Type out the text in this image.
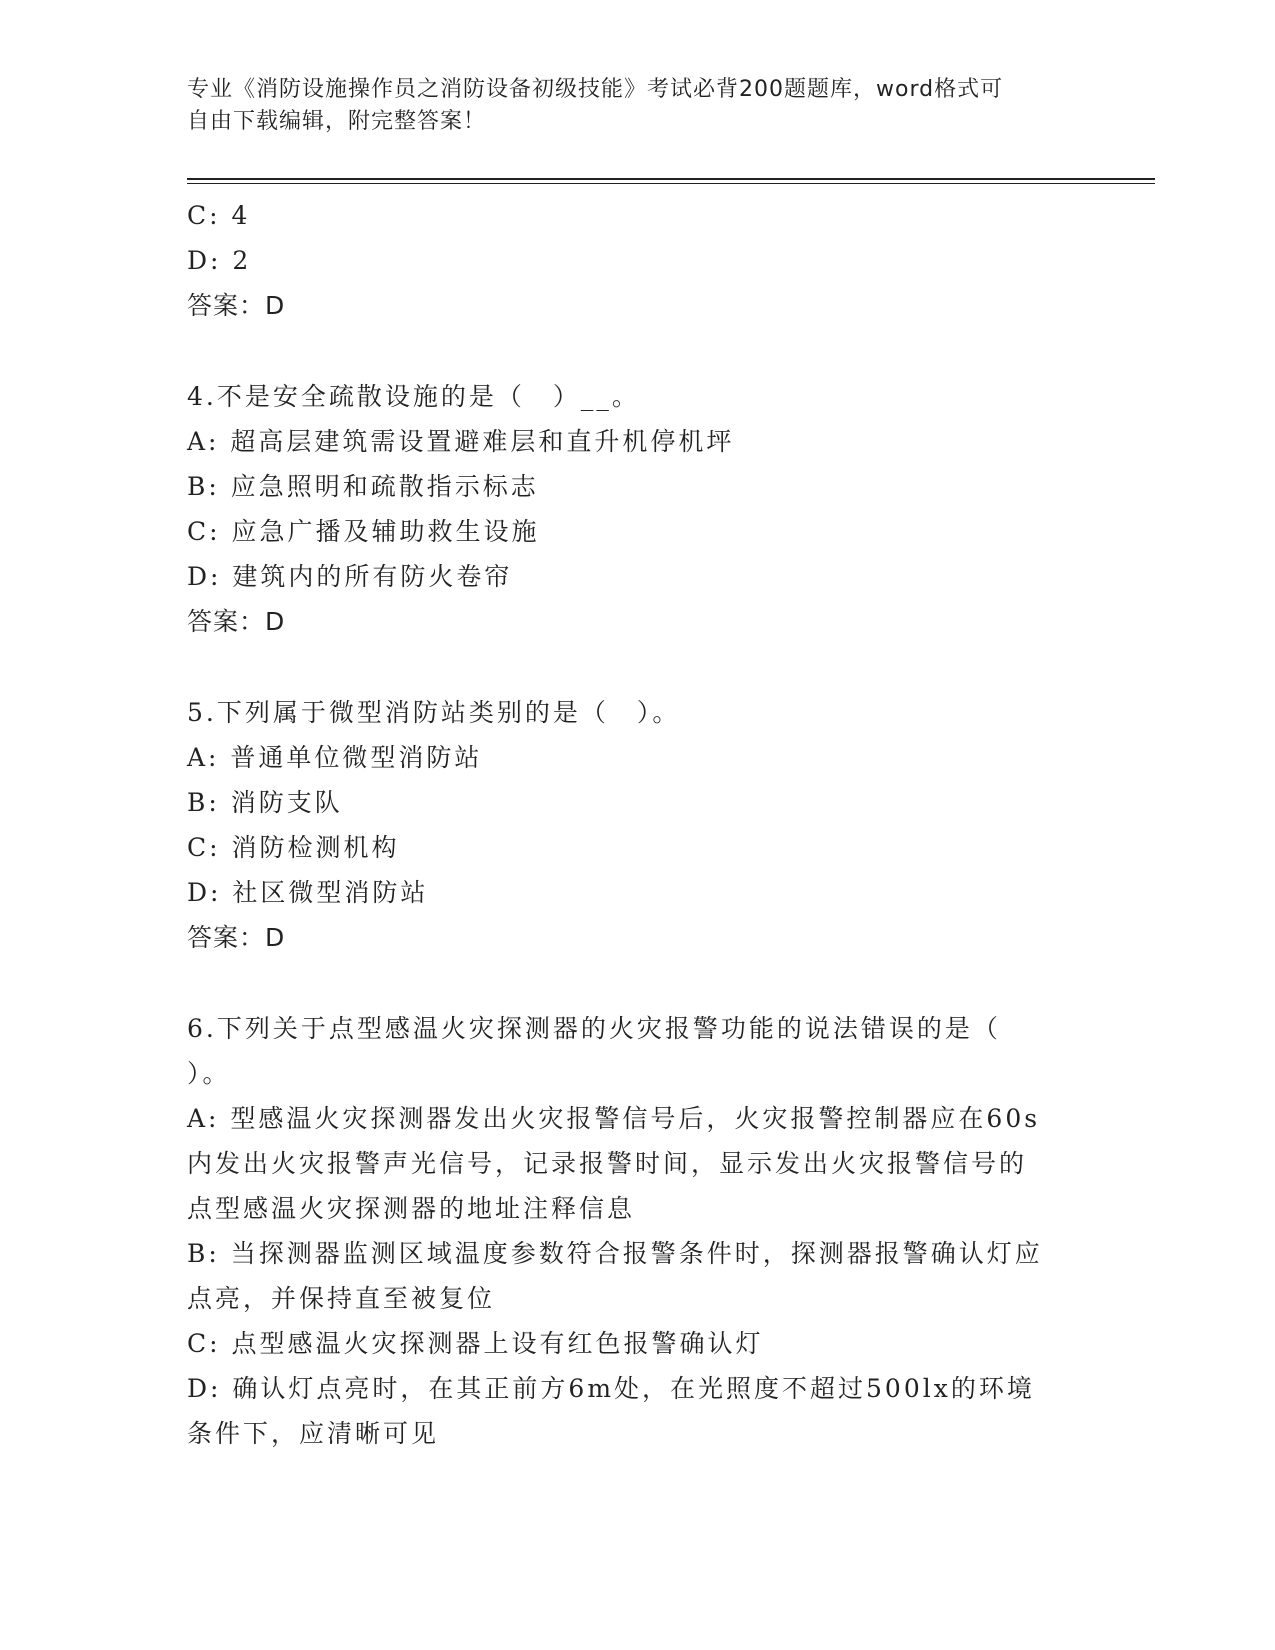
专业《消防设施操作员之消防设备初级技能》考试必背200题题库，word格式可
自由下载编辑，附完整答案！
C: 4
D: 2
答案：D
4.不是安全疏散设施的是（　）__。
A: 超高层建筑需设置避难层和直升机停机坪
B: 应急照明和疏散指示标志
C: 应急广播及辅助救生设施
D: 建筑内的所有防火卷帘
答案：D
5.下列属于微型消防站类别的是（　）。
A: 普通单位微型消防站
B: 消防支队
C: 消防检测机构
D: 社区微型消防站
答案：D
6.下列关于点型感温火灾探测器的火灾报警功能的说法错误的是（
）。
A: 型感温火灾探测器发出火灾报警信号后，火灾报警控制器应在60s
内发出火灾报警声光信号，记录报警时间，显示发出火灾报警信号的
点型感温火灾探测器的地址注释信息
B: 当探测器监测区域温度参数符合报警条件时，探测器报警确认灯应
点亮，并保持直至被复位
C: 点型感温火灾探测器上设有红色报警确认灯
D: 确认灯点亮时，在其正前方6m处，在光照度不超过500lx的环境
条件下，应清晰可见
